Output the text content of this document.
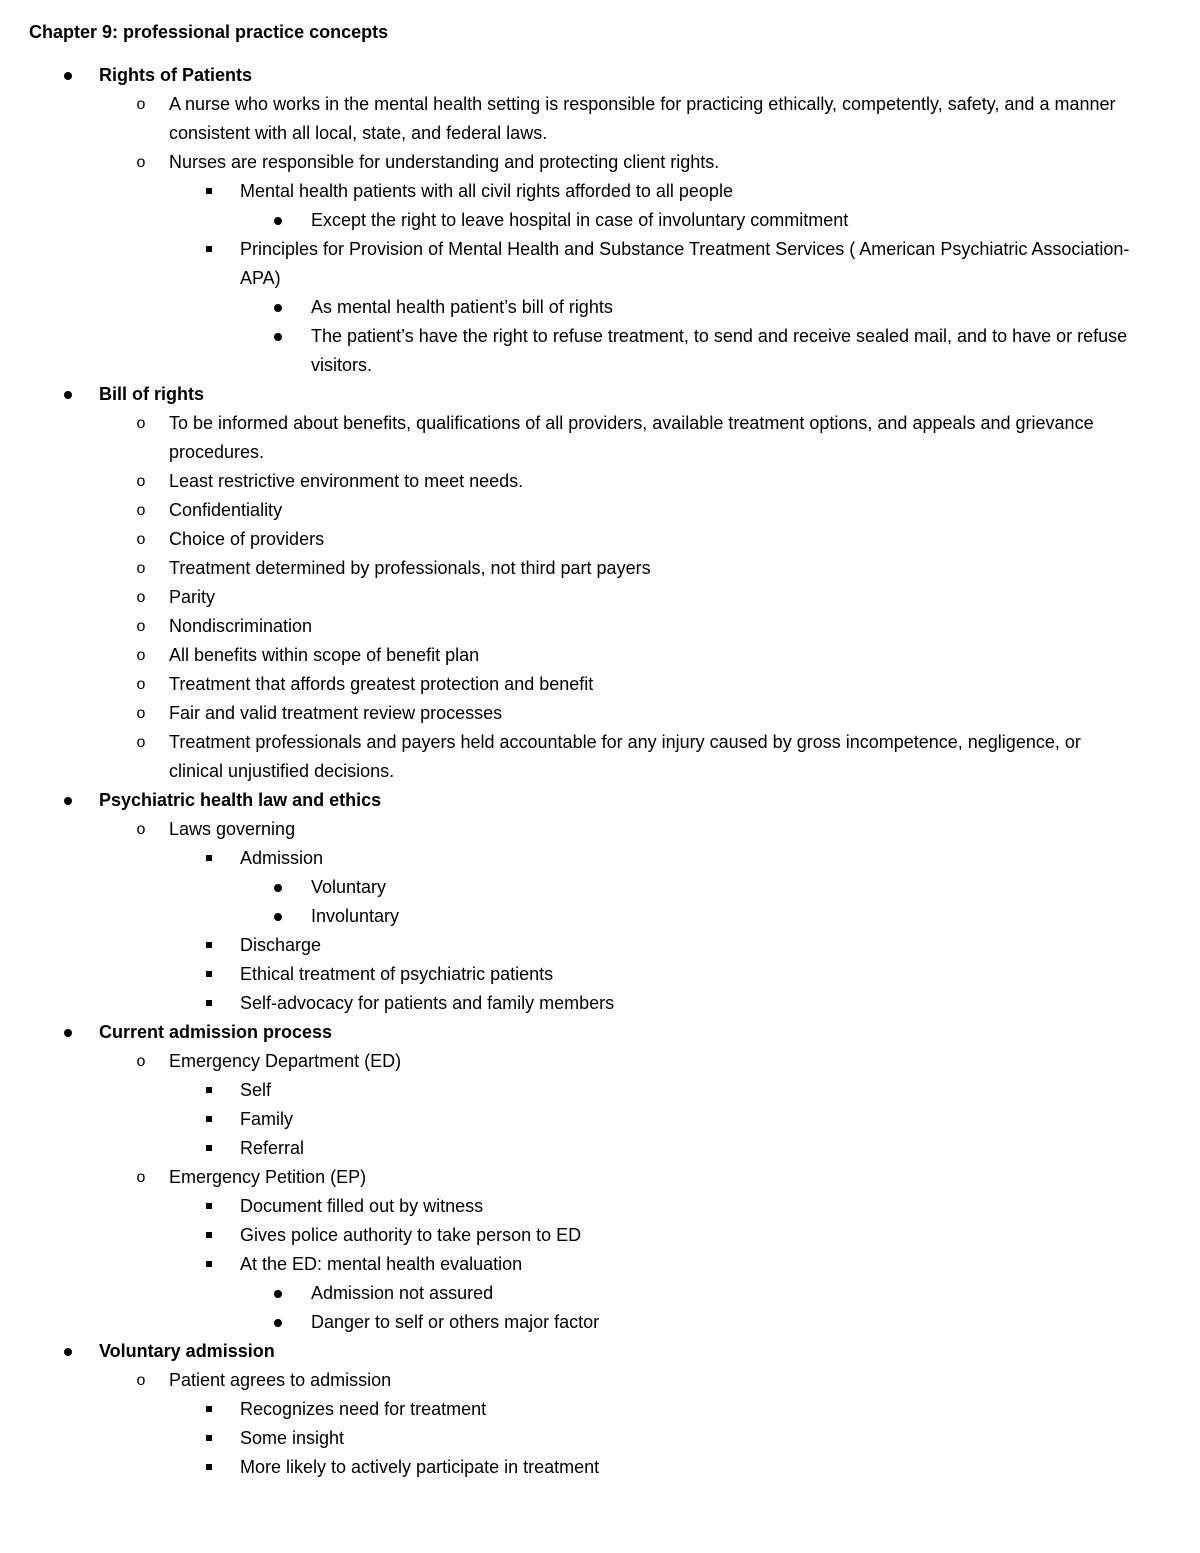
Chapter 9: professional practice concepts
Rights of Patients
o	A nurse who works in the mental health setting is responsible for practicing ethically, competently, safety, and a manner consistent with all local, state, and federal laws.
o	Nurses are responsible for understanding and protecting client rights.
Mental health patients with all civil rights afforded to all people
Except the right to leave hospital in case of involuntary commitment
Principles for Provision of Mental Health and Substance Treatment Services ( American Psychiatric Association-APA)
As mental health patient’s bill of rights
The patient’s have the right to refuse treatment, to send and receive sealed mail, and to have or refuse visitors.
Bill of rights
o	To be informed about benefits, qualifications of all providers, available treatment options, and appeals and grievance procedures.
o	Least restrictive environment to meet needs.
o	Confidentiality
o	Choice of providers
o	Treatment determined by professionals, not third part payers
o	Parity
o	Nondiscrimination
o	All benefits within scope of benefit plan
o	Treatment that affords greatest protection and benefit
o	Fair and valid treatment review processes
o	Treatment professionals and payers held accountable for any injury caused by gross incompetence, negligence, or clinical unjustified decisions.
Psychiatric health law and ethics
o	Laws governing
Admission
Voluntary
Involuntary
Discharge
Ethical treatment of psychiatric patients
Self-advocacy for patients and family members
Current admission process
o	Emergency Department (ED)
Self
Family
Referral
o	Emergency Petition (EP)
Document filled out by witness
Gives police authority to take person to ED
At the ED: mental health evaluation
Admission not assured
Danger to self or others major factor
Voluntary admission
o	Patient agrees to admission
Recognizes need for treatment
Some insight
More likely to actively participate in treatment
